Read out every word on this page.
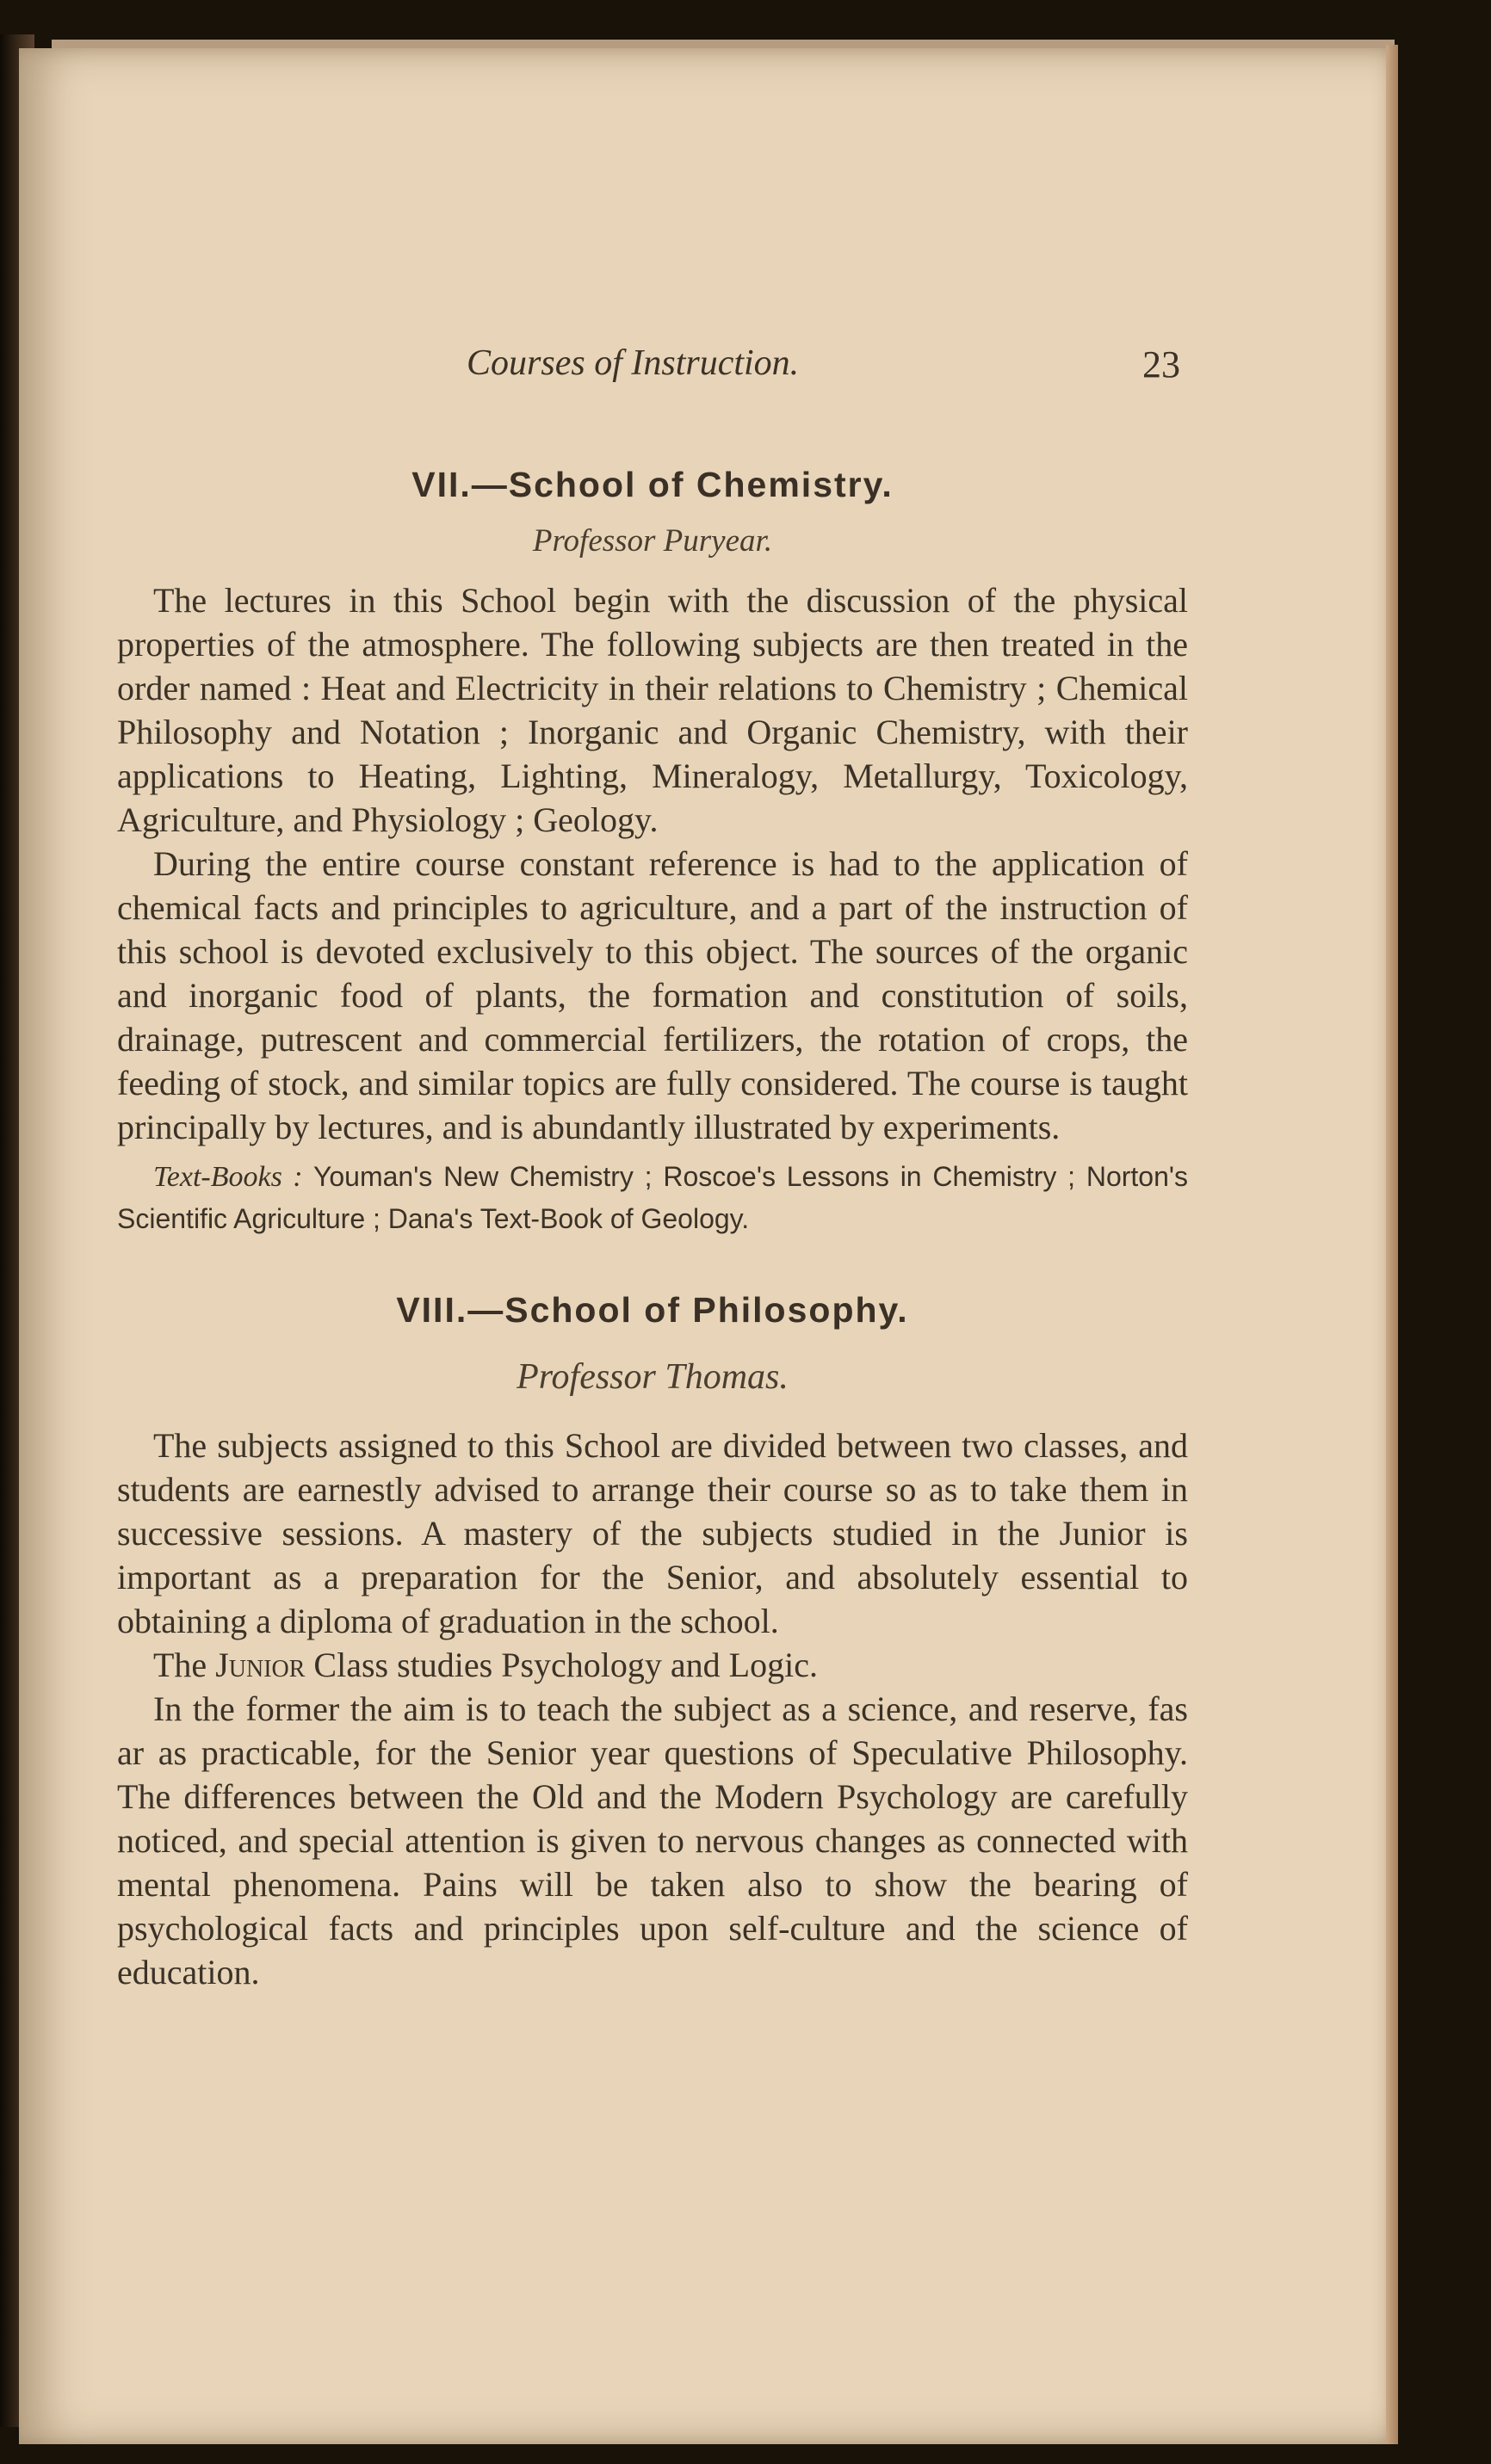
Courses of Instruction.	23
VII.—School of Chemistry.
Professor Puryear.

The lectures in this School begin with the discussion of the physical properties of the atmosphere. The following subjects are then treated in the order named : Heat and Electricity in their relations to Chemistry ; Chemical Philosophy and Notation ; Inorganic and Organic Chemistry, with their applications to Heating, Lighting, Mineralogy, Metallurgy, Toxicology, Agriculture, and Physiology ; Geology.

During the entire course constant reference is had to the application of chemical facts and principles to agriculture, and a part of the instruction of this school is devoted exclusively to this object. The sources of the organic and inorganic food of plants, the formation and constitution of soils, drainage, putrescent and commercial fertilizers, the rotation of crops, the feeding of stock, and similar topics are fully considered. The course is taught principally by lectures, and is abundantly illustrated by experiments.

Text-Books : Youman's New Chemistry ; Roscoe's Lessons in Chemistry ; Norton's Scientific Agriculture ; Dana's Text-Book of Geology.

VIII.—School of Philosophy.
Professor Thomas.

The subjects assigned to this School are divided between two classes, and students are earnestly advised to arrange their course so as to take them in successive sessions. A mastery of the subjects studied in the Junior is important as a preparation for the Senior, and absolutely essential to obtaining a diploma of graduation in the school.

The Junior Class studies Psychology and Logic.

In the former the aim is to teach the subject as a science, and reserve, fas ar as practicable, for the Senior year questions of Speculative Philosophy. The differences between the Old and the Modern Psychology are carefully noticed, and special attention is given to nervous changes as connected with mental phenomena. Pains will be taken also to show the bearing of psychological facts and principles upon self-culture and the science of education.
